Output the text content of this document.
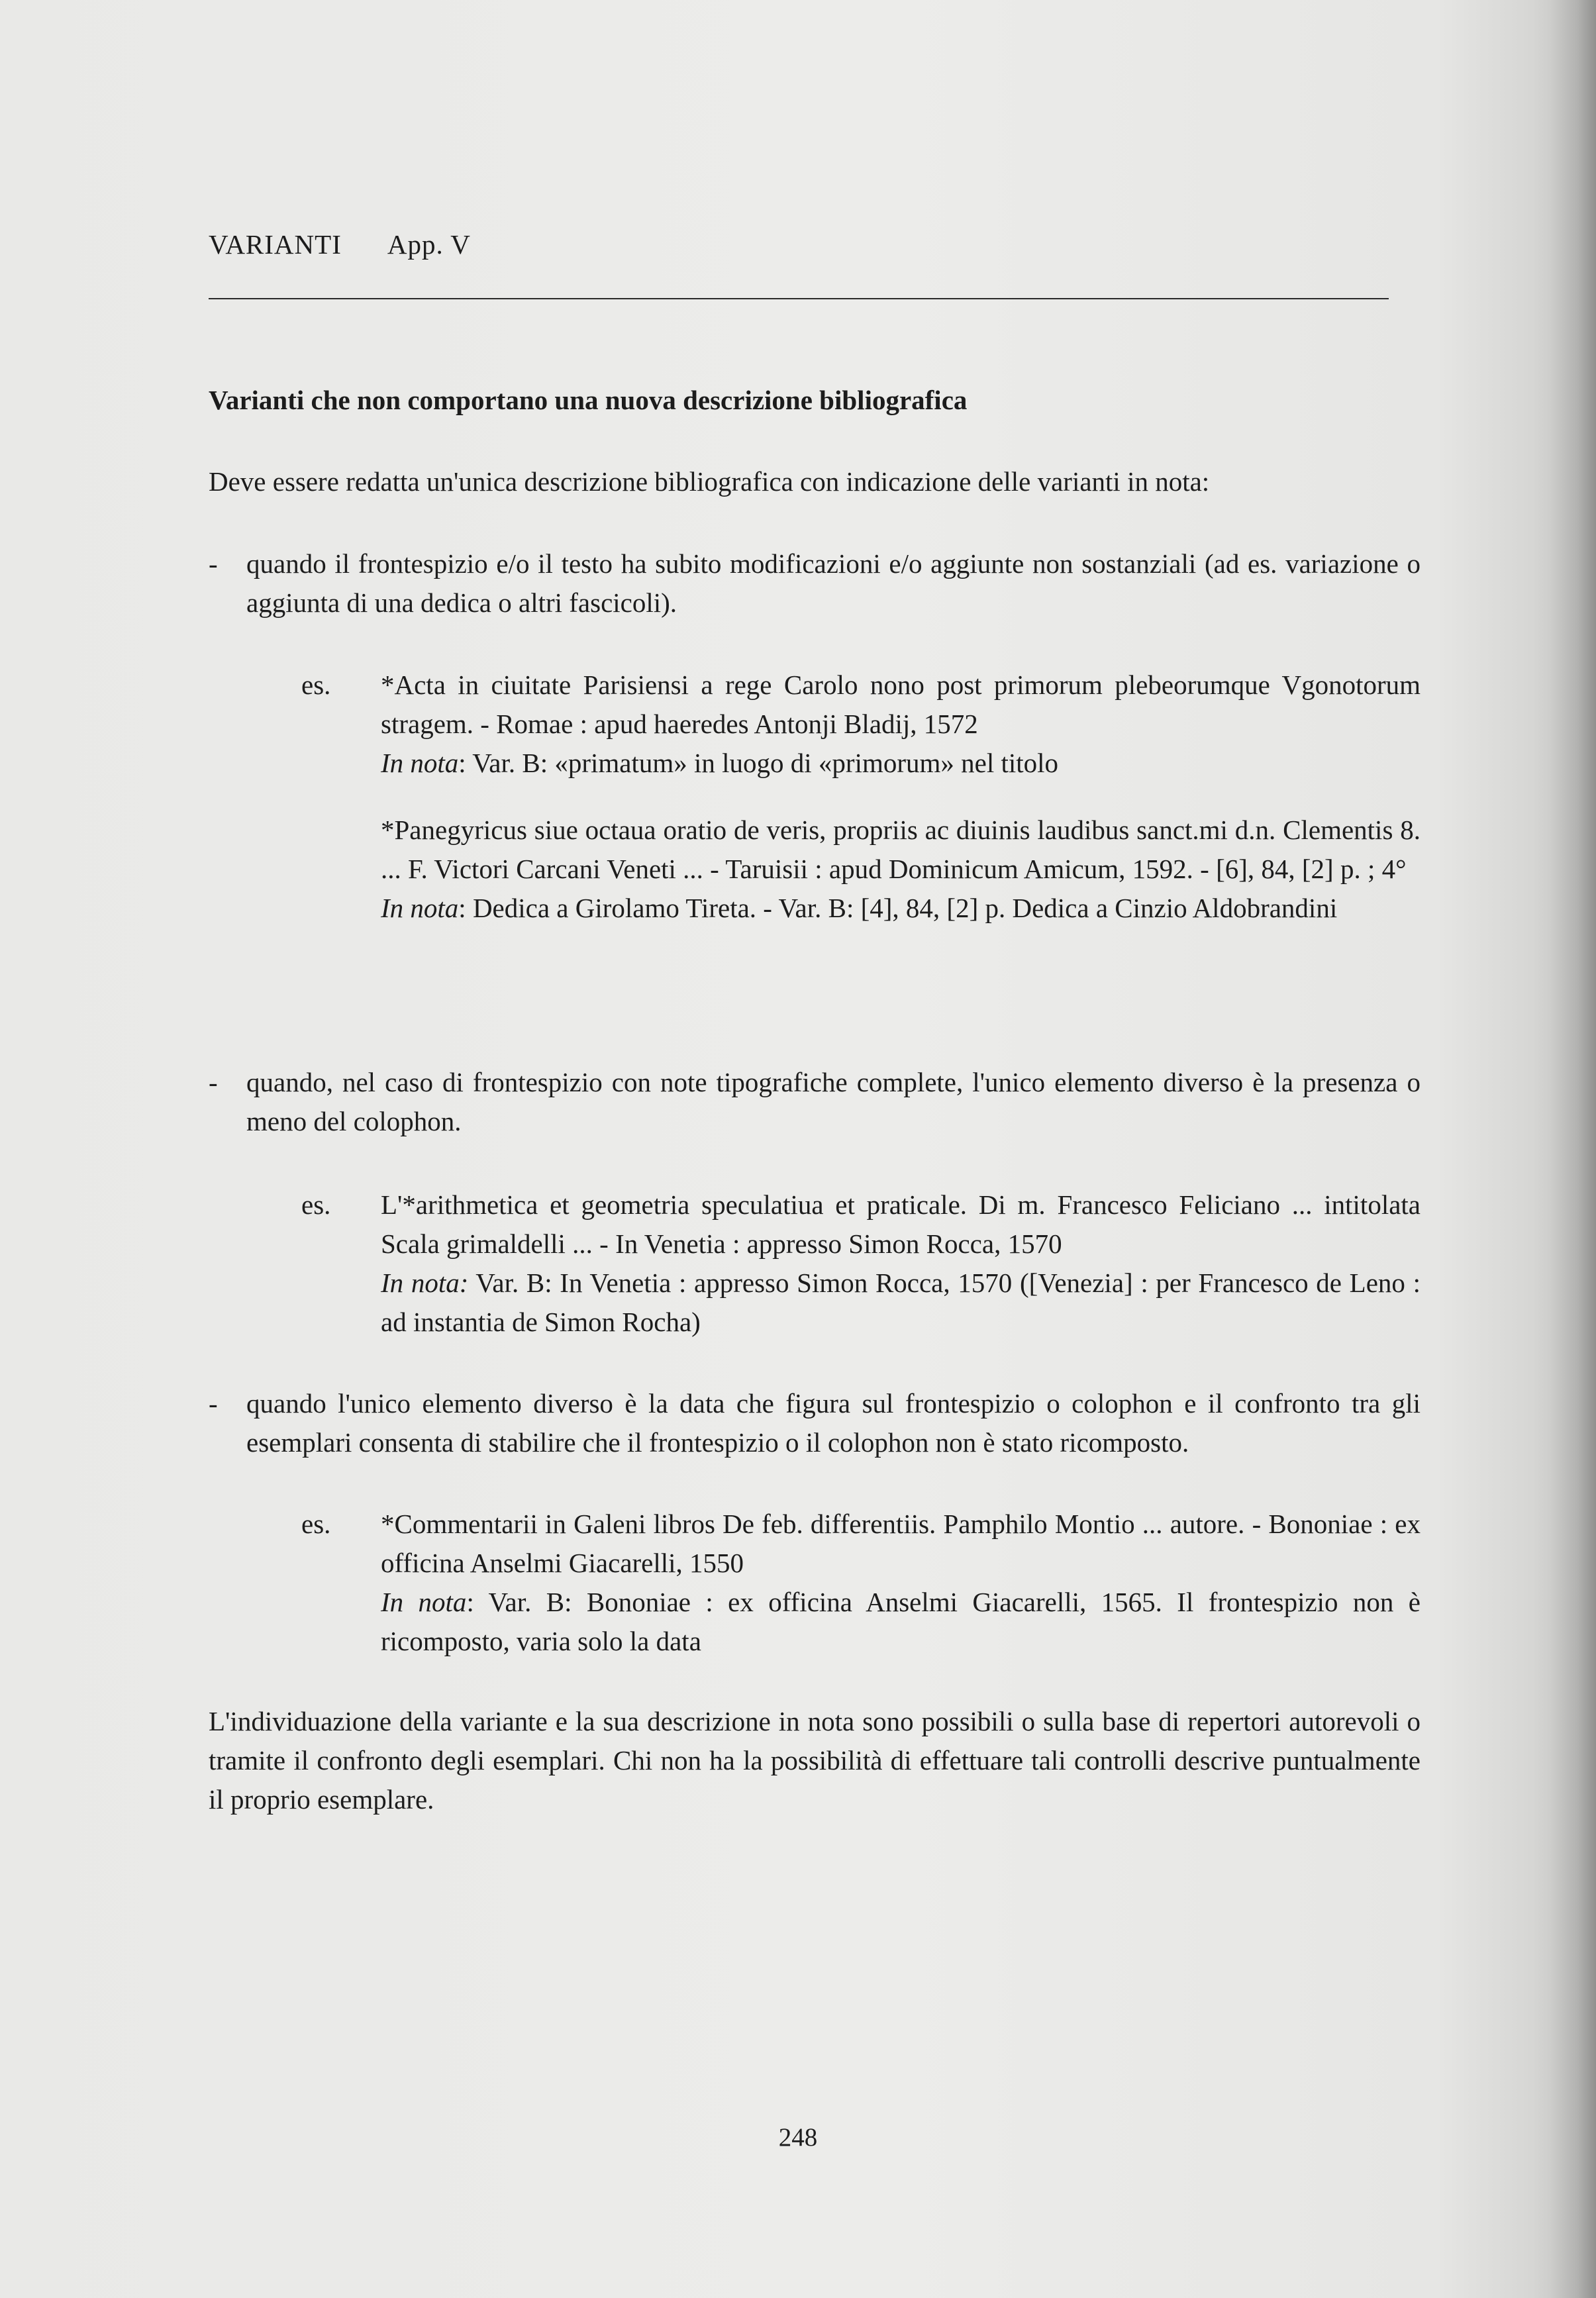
VARIANTI App. V
Varianti che non comportano una nuova descrizione bibliografica
Deve essere redatta un'unica descrizione bibliografica con indicazione delle varianti in nota:
- quando il frontespizio e/o il testo ha subito modificazioni e/o aggiunte non sostanziali (ad es. variazione o aggiunta di una dedica o altri fascicoli).
es. *Acta in ciuitate Parisiensi a rege Carolo nono post primorum plebeorumque Vgonotorum stragem. - Romae : apud haeredes Antonji Bladij, 1572
In nota: Var. B: «primatum» in luogo di «primorum» nel titolo
*Panegyricus siue octaua oratio de veris, propriis ac diuinis laudibus sanct.mi d.n. Clementis 8. ... F. Victori Carcani Veneti ... - Taruisii : apud Dominicum Amicum, 1592. - [6], 84, [2] p. ; 4°
In nota: Dedica a Girolamo Tireta. - Var. B: [4], 84, [2] p. Dedica a Cinzio Aldobrandini
- quando, nel caso di frontespizio con note tipografiche complete, l'unico elemento diverso è la presenza o meno del colophon.
es. L'*arithmetica et geometria speculatiua et praticale. Di m. Francesco Feliciano ... intitolata Scala grimaldelli ... - In Venetia : appresso Simon Rocca, 1570
In nota: Var. B: In Venetia : appresso Simon Rocca, 1570 ([Venezia] : per Francesco de Leno : ad instantia de Simon Rocha)
- quando l'unico elemento diverso è la data che figura sul frontespizio o colophon e il confronto tra gli esemplari consenta di stabilire che il frontespizio o il colophon non è stato ricomposto.
es. *Commentarii in Galeni libros De feb. differentiis. Pamphilo Montio ... autore. - Bononiae : ex officina Anselmi Giacarelli, 1550
In nota: Var. B: Bononiae : ex officina Anselmi Giacarelli, 1565. Il frontespizio non è ricomposto, varia solo la data
L'individuazione della variante e la sua descrizione in nota sono possibili o sulla base di repertori autorevoli o tramite il confronto degli esemplari. Chi non ha la possibilità di effettuare tali controlli descrive puntualmente il proprio esemplare.
248
